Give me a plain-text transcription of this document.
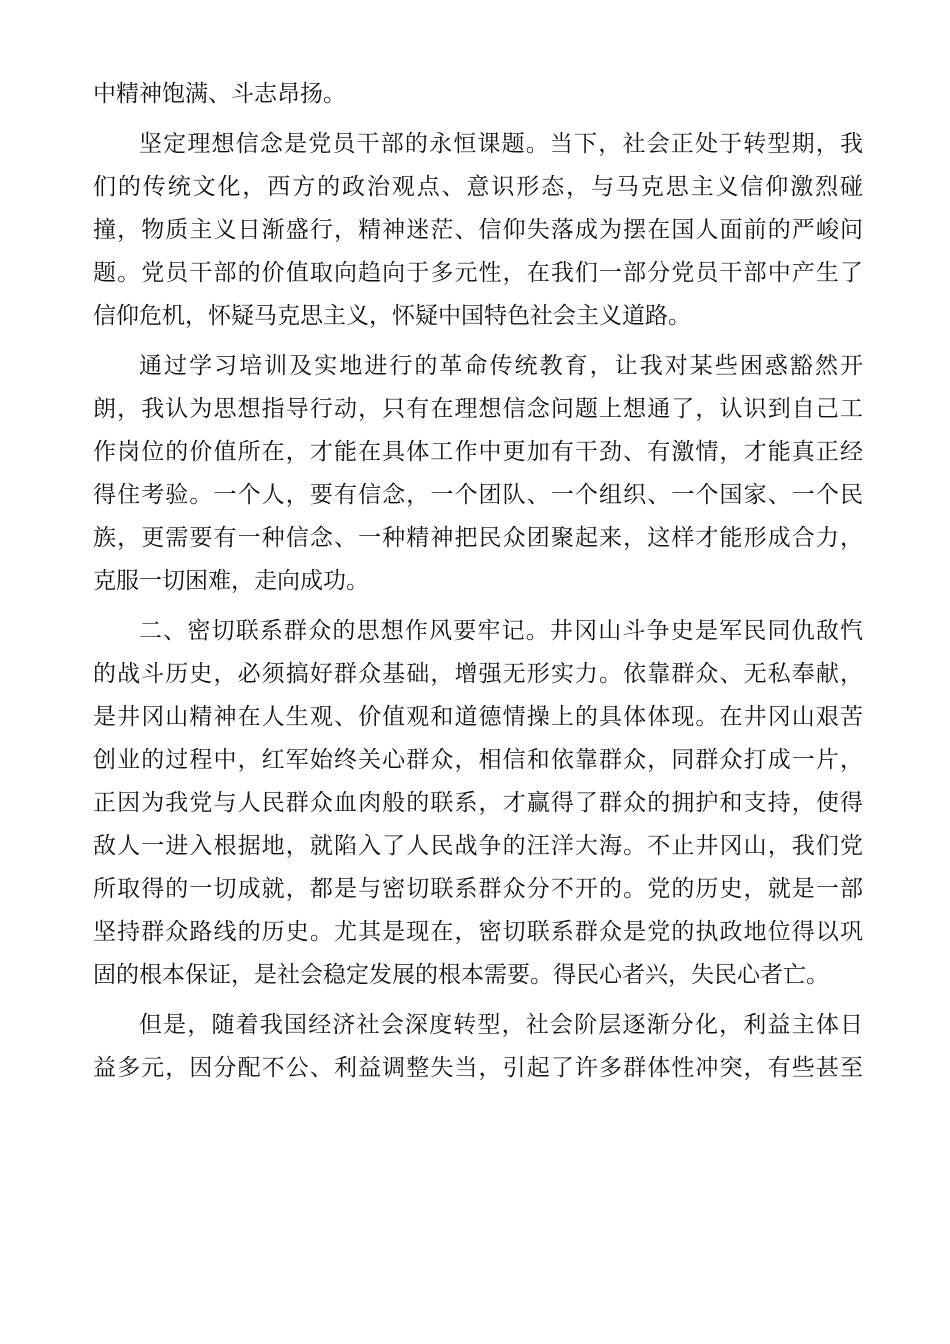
中精神饱满、斗志昂扬。
坚定理想信念是党员干部的永恒课题。当下，社会正处于转型期，我
们的传统文化，西方的政治观点、意识形态，与马克思主义信仰激烈碰
撞，物质主义日渐盛行，精神迷茫、信仰失落成为摆在国人面前的严峻问
题。党员干部的价值取向趋向于多元性，在我们一部分党员干部中产生了
信仰危机，怀疑马克思主义，怀疑中国特色社会主义道路。
通过学习培训及实地进行的革命传统教育，让我对某些困惑豁然开
朗，我认为思想指导行动，只有在理想信念问题上想通了，认识到自己工
作岗位的价值所在，才能在具体工作中更加有干劲、有激情，才能真正经
得住考验。一个人，要有信念，一个团队、一个组织、一个国家、一个民
族，更需要有一种信念、一种精神把民众团聚起来，这样才能形成合力，
克服一切困难，走向成功。
二、密切联系群众的思想作风要牢记。井冈山斗争史是军民同仇敌忾
的战斗历史，必须搞好群众基础，增强无形实力。依靠群众、无私奉献，
是井冈山精神在人生观、价值观和道德情操上的具体体现。在井冈山艰苦
创业的过程中，红军始终关心群众，相信和依靠群众，同群众打成一片，
正因为我党与人民群众血肉般的联系，才赢得了群众的拥护和支持，使得
敌人一进入根据地，就陷入了人民战争的汪洋大海。不止井冈山，我们党
所取得的一切成就，都是与密切联系群众分不开的。党的历史，就是一部
坚持群众路线的历史。尤其是现在，密切联系群众是党的执政地位得以巩
固的根本保证，是社会稳定发展的根本需要。得民心者兴，失民心者亡。
但是，随着我国经济社会深度转型，社会阶层逐渐分化，利益主体日
益多元，因分配不公、利益调整失当，引起了许多群体性冲突，有些甚至
